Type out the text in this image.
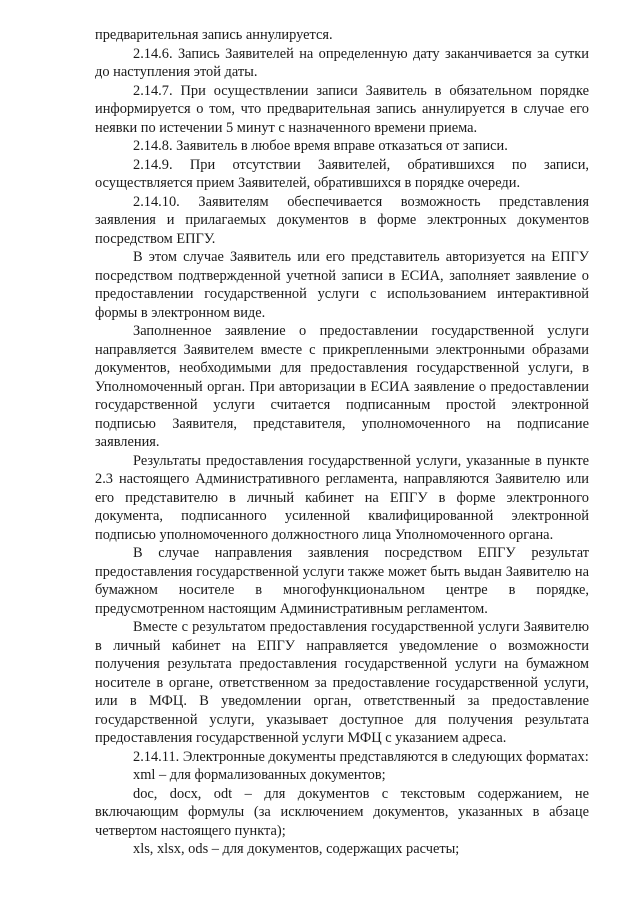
предварительная запись аннулируется.

2.14.6. Запись Заявителей на определенную дату заканчивается за сутки до наступления этой даты.

2.14.7. При осуществлении записи Заявитель в обязательном порядке информируется о том, что предварительная запись аннулируется в случае его неявки по истечении 5 минут с назначенного времени приема.

2.14.8. Заявитель в любое время вправе отказаться от записи.

2.14.9. При отсутствии Заявителей, обратившихся по записи, осуществляется прием Заявителей, обратившихся в порядке очереди.

2.14.10. Заявителям обеспечивается возможность представления заявления и прилагаемых документов в форме электронных документов посредством ЕПГУ.

В этом случае Заявитель или его представитель авторизуется на ЕПГУ посредством подтвержденной учетной записи в ЕСИА, заполняет заявление о предоставлении государственной услуги с использованием интерактивной формы в электронном виде.

Заполненное заявление о предоставлении государственной услуги направляется Заявителем вместе с прикрепленными электронными образами документов, необходимыми для предоставления государственной услуги, в Уполномоченный орган. При авторизации в ЕСИА заявление о предоставлении государственной услуги считается подписанным простой электронной подписью Заявителя, представителя, уполномоченного на подписание заявления.

Результаты предоставления государственной услуги, указанные в пункте 2.3 настоящего Административного регламента, направляются Заявителю или его представителю в личный кабинет на ЕПГУ в форме электронного документа, подписанного усиленной квалифицированной электронной подписью уполномоченного должностного лица Уполномоченного органа.

В случае направления заявления посредством ЕПГУ результат предоставления государственной услуги также может быть выдан Заявителю на бумажном носителе в многофункциональном центре в порядке, предусмотренном настоящим Административным регламентом.

Вместе с результатом предоставления государственной услуги Заявителю в личный кабинет на ЕПГУ направляется уведомление о возможности получения результата предоставления государственной услуги на бумажном носителе в органе, ответственном за предоставление государственной услуги, или в МФЦ. В уведомлении орган, ответственный за предоставление государственной услуги, указывает доступное для получения результата предоставления государственной услуги МФЦ с указанием адреса.

2.14.11. Электронные документы представляются в следующих форматах:

xml – для формализованных документов;

doc, docx, odt – для документов с текстовым содержанием, не включающим формулы (за исключением документов, указанных в абзаце четвертом настоящего пункта);

xls, xlsx, ods – для документов, содержащих расчеты;
